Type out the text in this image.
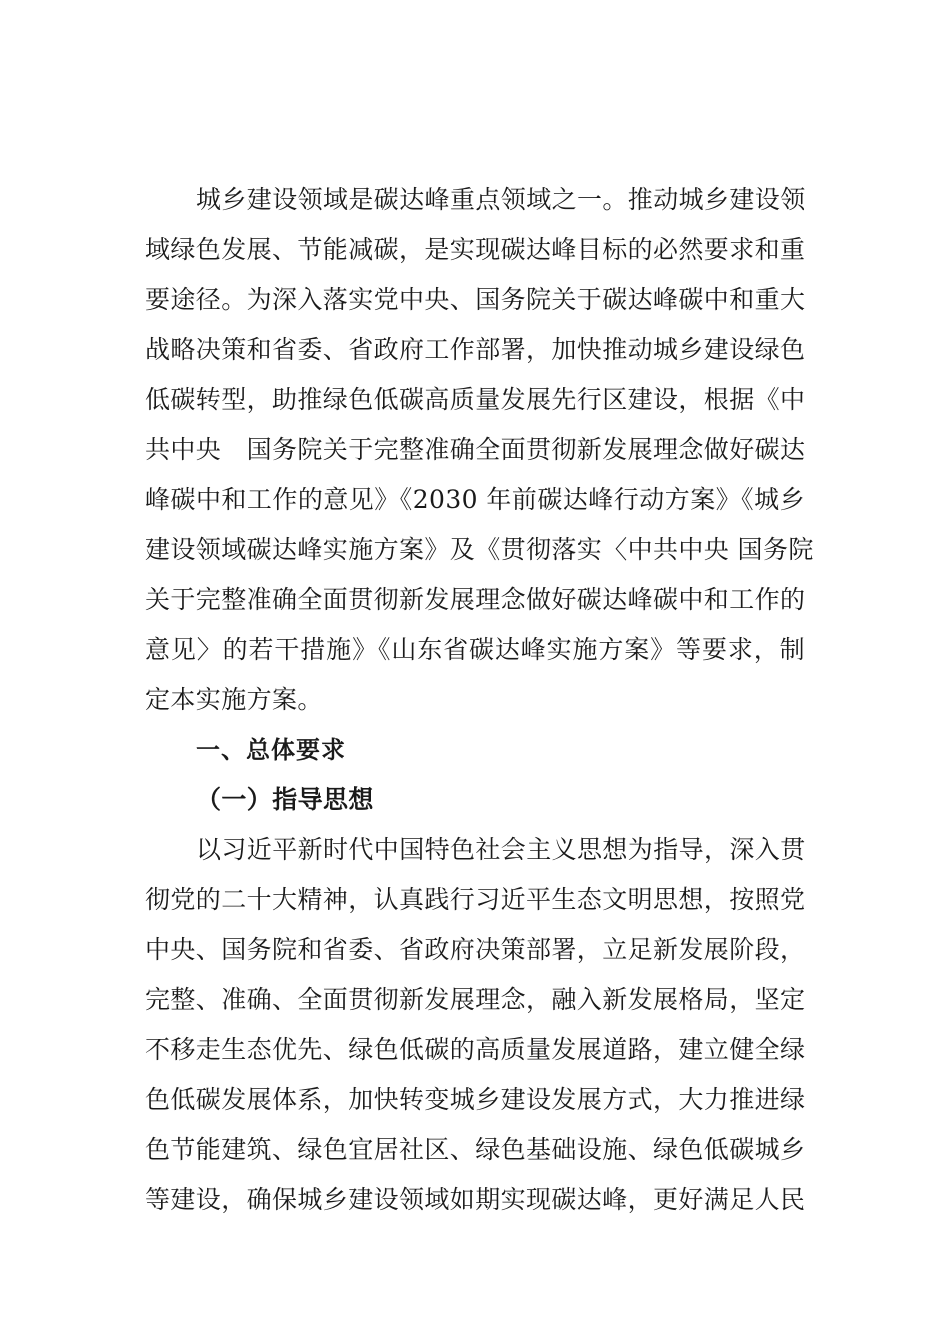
城乡建设领域是碳达峰重点领域之一。推动城乡建设领

域绿色发展、节能减碳，是实现碳达峰目标的必然要求和重

要途径。为深入落实党中央、国务院关于碳达峰碳中和重大

战略决策和省委、省政府工作部署，加快推动城乡建设绿色

低碳转型，助推绿色低碳高质量发展先行区建设，根据《中

共中央　国务院关于完整准确全面贯彻新发展理念做好碳达

峰碳中和工作的意见》《2030 年前碳达峰行动方案》《城乡

建设领域碳达峰实施方案》及《贯彻落实〈中共中央 国务院

关于完整准确全面贯彻新发展理念做好碳达峰碳中和工作的

意见〉的若干措施》《山东省碳达峰实施方案》等要求，制

定本实施方案。

一、总体要求
（一）指导思想

以习近平新时代中国特色社会主义思想为指导，深入贯

彻党的二十大精神，认真践行习近平生态文明思想，按照党

中央、国务院和省委、省政府决策部署，立足新发展阶段，

完整、准确、全面贯彻新发展理念，融入新发展格局，坚定

不移走生态优先、绿色低碳的高质量发展道路，建立健全绿

色低碳发展体系，加快转变城乡建设发展方式，大力推进绿

色节能建筑、绿色宜居社区、绿色基础设施、绿色低碳城乡

等建设，确保城乡建设领域如期实现碳达峰，更好满足人民
